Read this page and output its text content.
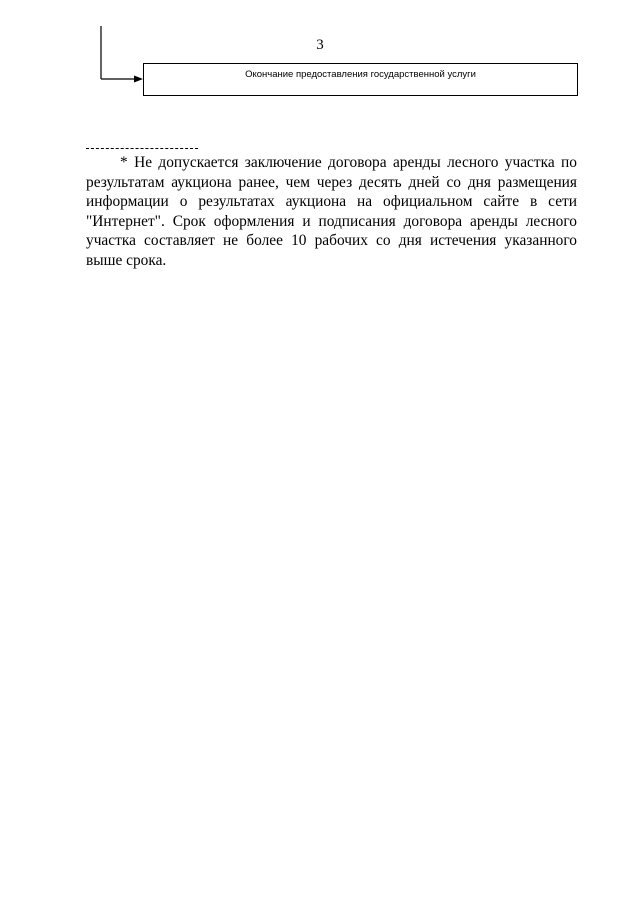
3
Окончание предоставления государственной услуги

* Не допускается заключение договора аренды лесного участка по результатам аукциона ранее, чем через десять дней со дня размещения информации о результатах аукциона на официальном сайте в сети "Интернет". Срок оформления и подписания договора аренды лесного участка составляет не более 10 рабочих со дня истечения указанного выше срока.
